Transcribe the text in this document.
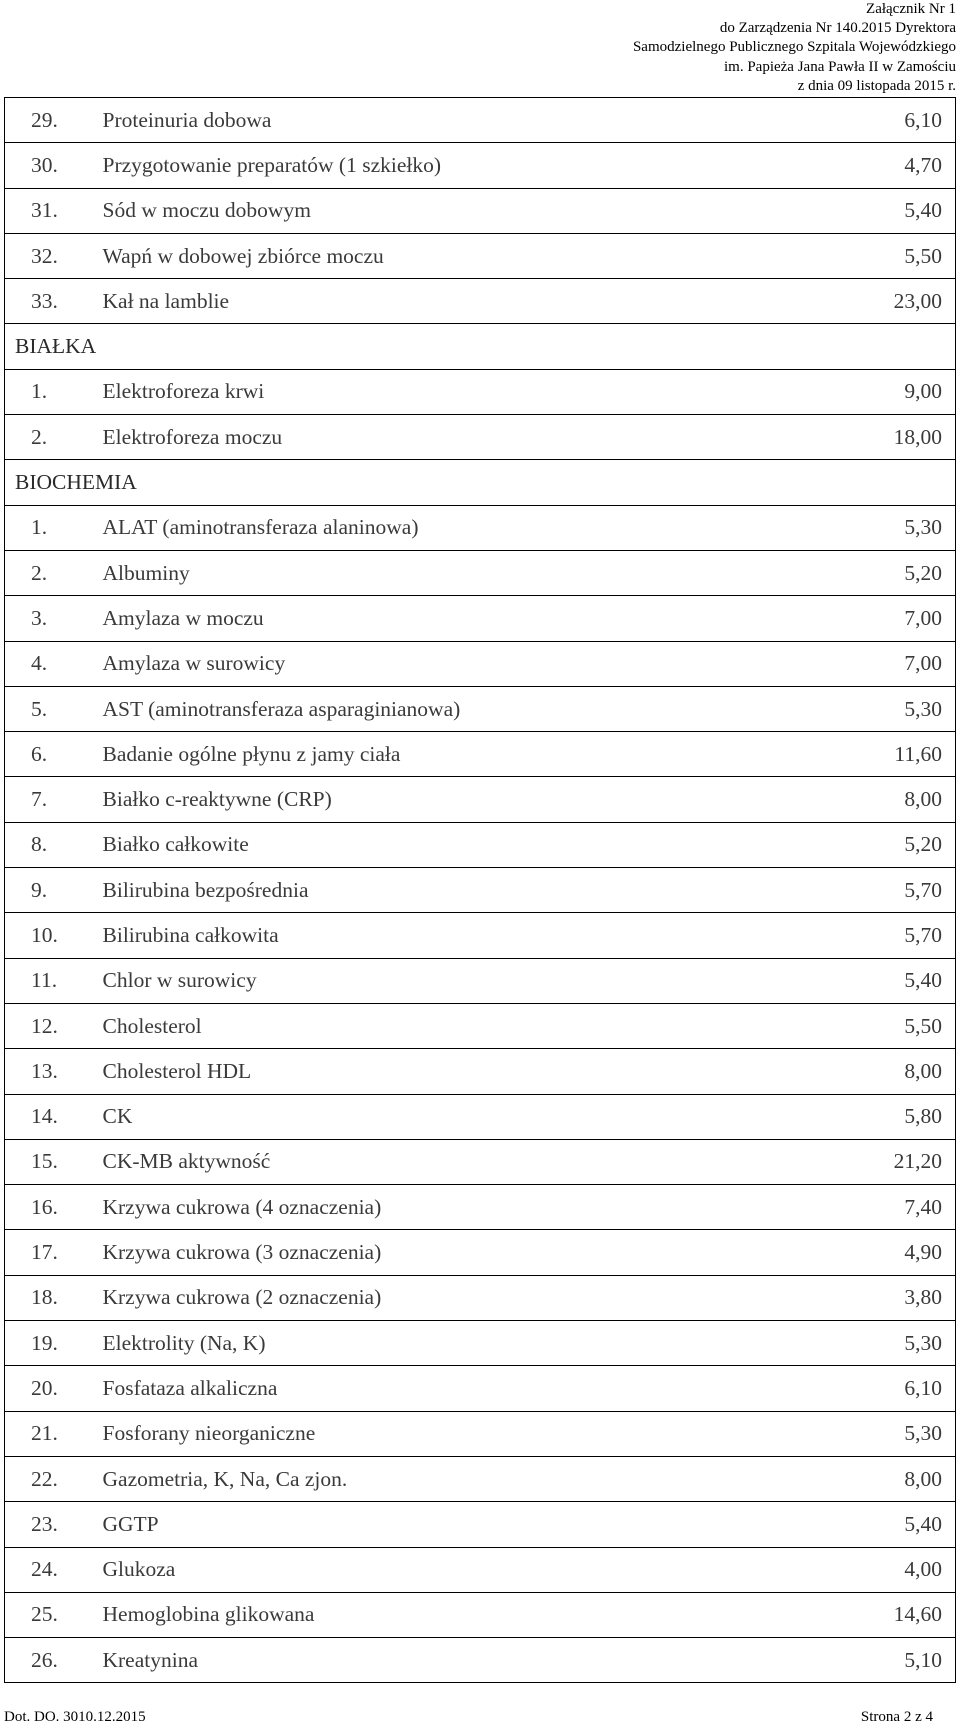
Załącznik Nr 1
do Zarządzenia Nr 140.2015 Dyrektora
Samodzielnego Publicznego Szpitala Wojewódzkiego
im. Papieża Jana Pawła II w Zamościu
z dnia 09 listopada 2015 r.
29.	Proteinuria dobowa	6,10
30.	Przygotowanie preparatów (1 szkiełko)	4,70
31.	Sód w moczu dobowym	5,40
32.	Wapń w dobowej zbiórce moczu	5,50
33.	Kał na lamblie	23,00
BIAŁKA		
1.	Elektroforeza krwi	9,00
2.	Elektroforeza moczu	18,00
BIOCHEMIA		
1.	ALAT (aminotransferaza alaninowa)	5,30
2.	Albuminy	5,20
3.	Amylaza w moczu	7,00
4.	Amylaza w surowicy	7,00
5.	AST (aminotransferaza asparaginianowa)	5,30
6.	Badanie ogólne płynu z jamy ciała	11,60
7.	Białko c-reaktywne (CRP)	8,00
8.	Białko całkowite	5,20
9.	Bilirubina bezpośrednia	5,70
10.	Bilirubina całkowita	5,70
11.	Chlor w surowicy	5,40
12.	Cholesterol	5,50
13.	Cholesterol HDL	8,00
14.	CK	5,80
15.	CK-MB aktywność	21,20
16.	Krzywa cukrowa (4 oznaczenia)	7,40
17.	Krzywa cukrowa (3 oznaczenia)	4,90
18.	Krzywa cukrowa (2 oznaczenia)	3,80
19.	Elektrolity (Na, K)	5,30
20.	Fosfataza alkaliczna	6,10
21.	Fosforany nieorganiczne	5,30
22.	Gazometria, K, Na, Ca zjon.	8,00
23.	GGTP	5,40
24.	Glukoza	4,00
25.	Hemoglobina glikowana	14,60
26.	Kreatynina	5,10
Dot. DO. 3010.12.2015	Strona 2 z 4
